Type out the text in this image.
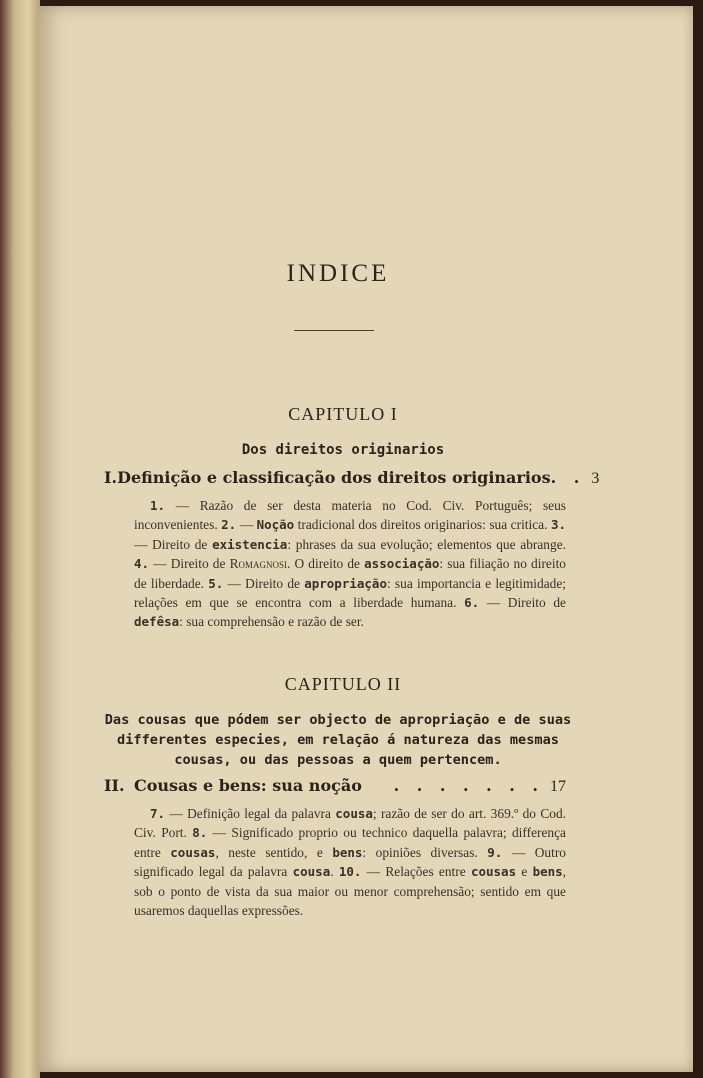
INDICE
CAPITULO I
Dos direitos originarios
I. Definição e classificação dos direitos originarios . . 3
1. — Razão de ser desta materia no Cod. Civ. Português; seus inconvenientes. 2. — Noção tradicional dos direitos originarios: sua critica. 3. — Direito de existencia: phrases da sua evolução; elementos que abrange. 4. — Direito de Romagnosi. O direito de associação: sua filiação no direito de liberdade. 5. — Direito de apropriação: sua importancia e legitimidade; relações em que se encontra com a liberdade humana. 6. — Direito de defêsa: sua comprehensão e razão de ser.
CAPITULO II
Das cousas que pódem ser objecto de apropriação e de suas differentes especies, em relação á natureza das mesmas cousas, ou das pessoas a quem pertencem.
II. Cousas e bens: sua noção	. . . . . . . 17
7. — Definição legal da palavra cousa; razão de ser do art. 369.º do Cod. Civ. Port. 8. — Significado proprio ou technico daquella palavra; differença entre cousas, neste sentido, e bens: opiniões diversas. 9. — Outro significado legal da palavra cousa. 10. — Relações entre cousas e bens, sob o ponto de vista da sua maior ou menor comprehensão; sentido em que usaremos daquellas expressões.
